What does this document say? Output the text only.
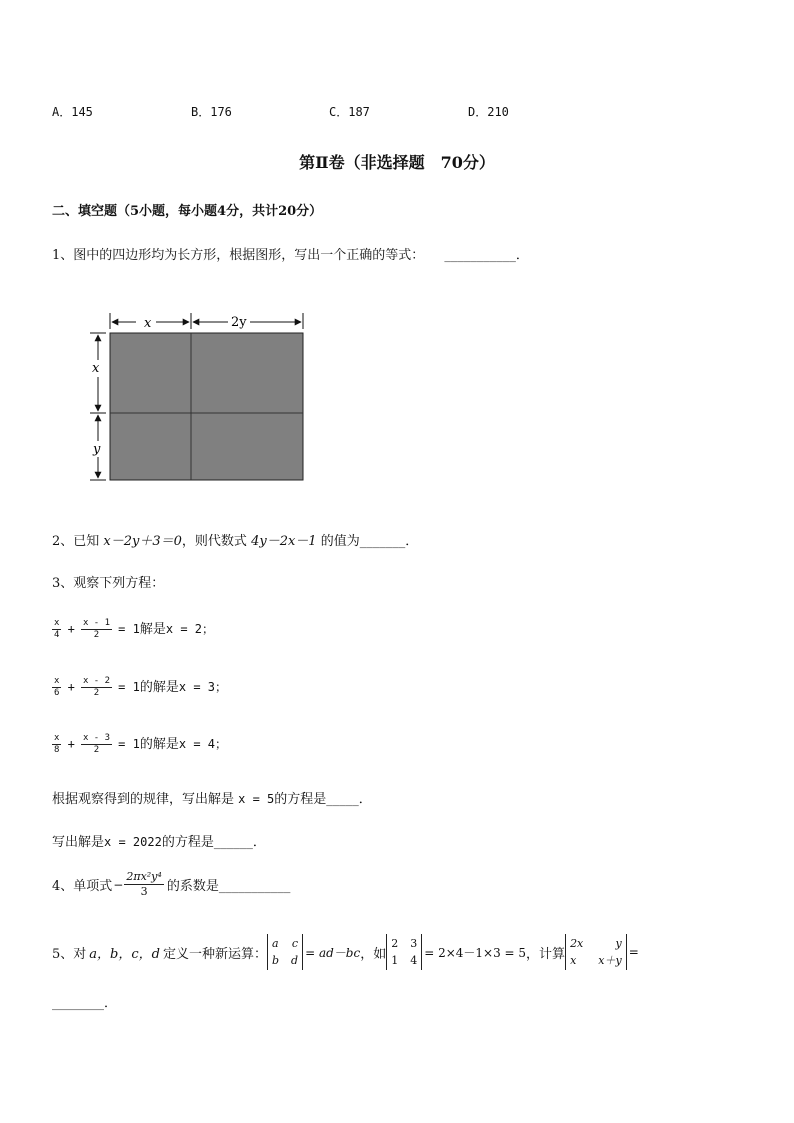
A．145	B．176	C．187	D．210
第Ⅱ卷（非选择题　70分）
二、填空题（5小题，每小题4分，共计20分）
1、图中的四边形均为长方形，根据图形，写出一个正确的等式： ___________．
x	2y
x
y
2、已知 x－2y＋3＝0，则代数式 4y－2x－1 的值为_______．
3、观察下列方程：
$\frac{x}{4} + \frac{x - 1}{2} = 1$解是x = 2；
$\frac{x}{6} + \frac{x - 2}{2} = 1$的解是x = 3；
$\frac{x}{8} + \frac{x - 3}{2} = 1$的解是x = 4；
根据观察得到的规律，写出解是 x = 5的方程是_____．
写出解是x = 2022的方程是______．
4、单项式 − $\frac{\text{2πx²y⁴}}{3}$ 的系数是___________
5、对 a，b，c，d 定义一种新运算：
a c
b d
= ad－bc ，如
2 3
1 4
= 2×4－1×3 = 5 ，计算
2x	y
x x＋y
=
________．
